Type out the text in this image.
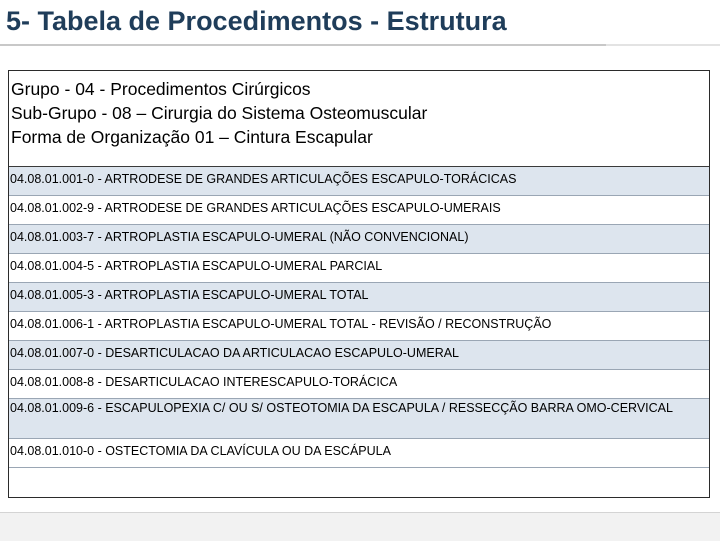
5- Tabela de Procedimentos - Estrutura
Grupo - 04 - Procedimentos Cirúrgicos
Sub-Grupo - 08 – Cirurgia do Sistema Osteomuscular
Forma de Organização 01 – Cintura Escapular
04.08.01.001-0 - ARTRODESE DE GRANDES ARTICULAÇÕES ESCAPULO-TORÁCICAS
04.08.01.002-9 - ARTRODESE DE GRANDES ARTICULAÇÕES ESCAPULO-UMERAIS
04.08.01.003-7 - ARTROPLASTIA ESCAPULO-UMERAL (NÃO CONVENCIONAL)
04.08.01.004-5 - ARTROPLASTIA ESCAPULO-UMERAL PARCIAL
04.08.01.005-3 - ARTROPLASTIA ESCAPULO-UMERAL TOTAL
04.08.01.006-1 - ARTROPLASTIA ESCAPULO-UMERAL TOTAL - REVISÃO / RECONSTRUÇÃO
04.08.01.007-0 - DESARTICULACAO DA ARTICULACAO ESCAPULO-UMERAL
04.08.01.008-8 - DESARTICULACAO INTERESCAPULO-TORÁCICA
04.08.01.009-6 - ESCAPULOPEXIA C/ OU S/ OSTEOTOMIA DA ESCAPULA / RESSECÇÃO BARRA OMO-CERVICAL
04.08.01.010-0 - OSTECTOMIA DA CLAVÍCULA OU DA ESCÁPULA
